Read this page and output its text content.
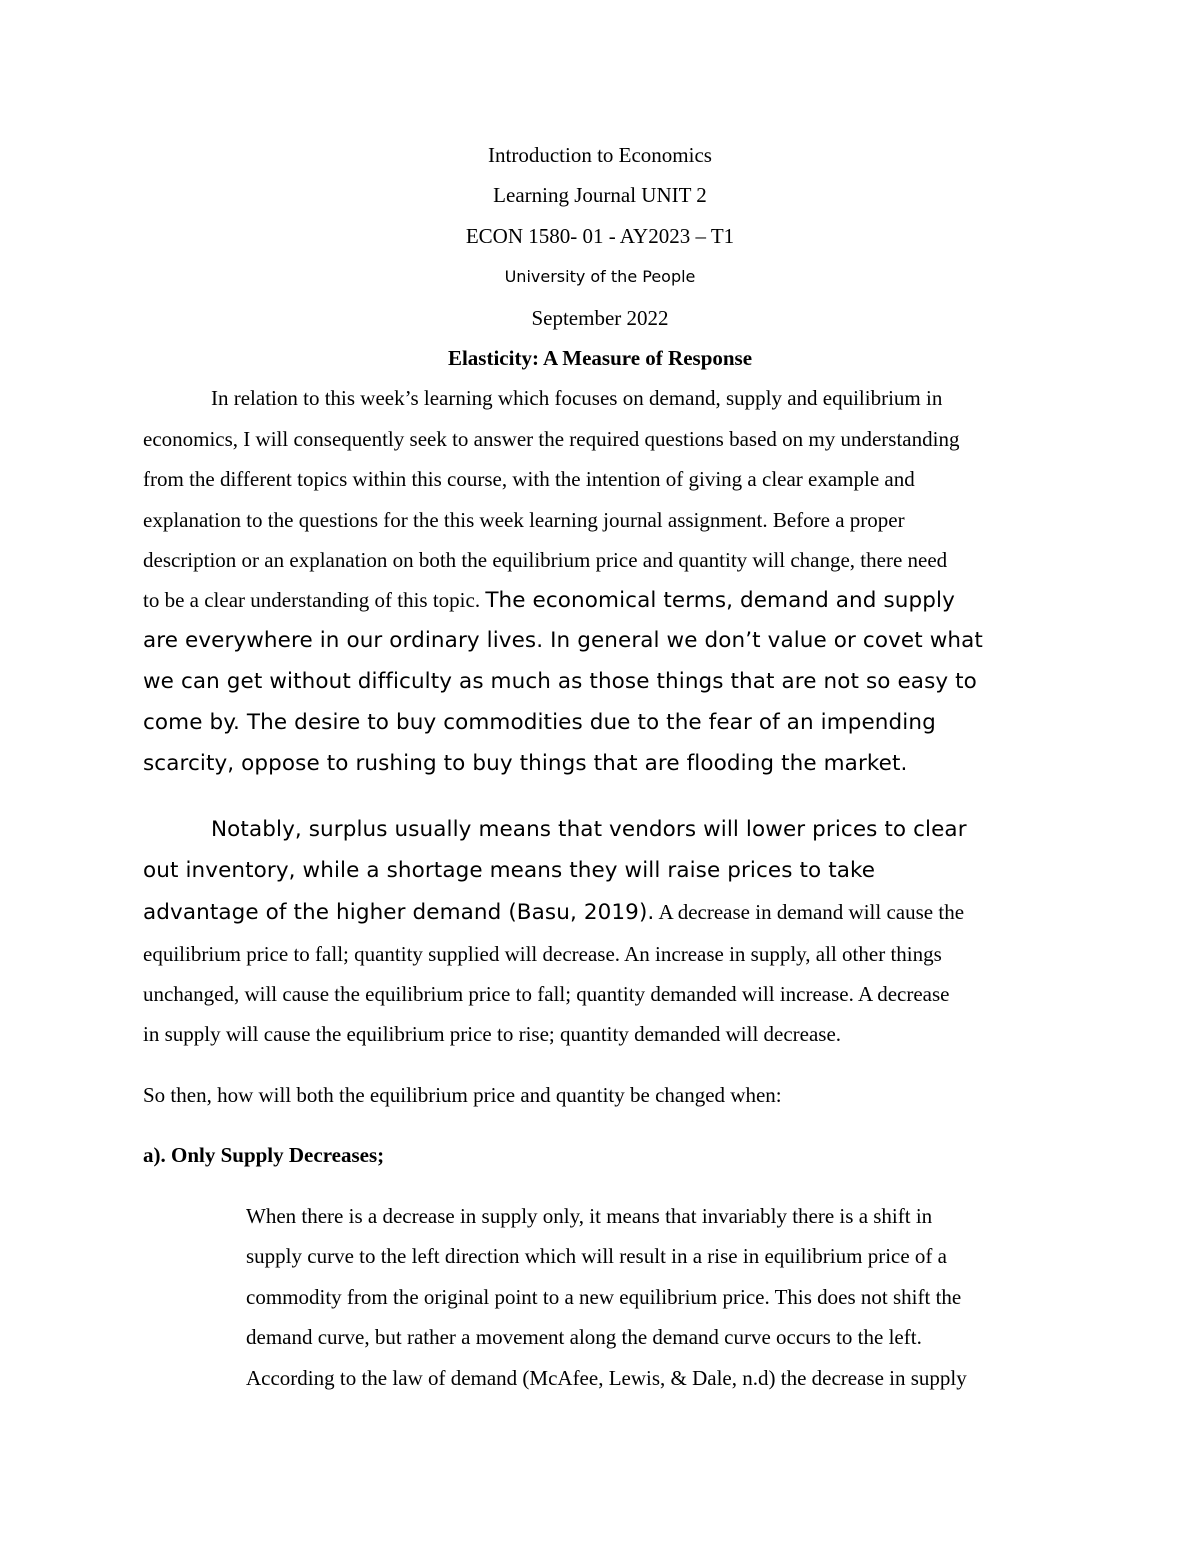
Introduction to Economics
Learning Journal UNIT 2
ECON 1580- 01 - AY2023 – T1
University of the People
September 2022
Elasticity: A Measure of Response
In relation to this week’s learning which focuses on demand, supply and equilibrium in
economics, I will consequently seek to answer the required questions based on my understanding
from the different topics within this course, with the intention of giving a clear example and
explanation to the questions for the this week learning journal assignment. Before a proper
description or an explanation on both the equilibrium price and quantity will change, there need
to be a clear understanding of this topic. The economical terms, demand and supply
are everywhere in our ordinary lives. In general we don’t value or covet what
we can get without difficulty as much as those things that are not so easy to
come by. The desire to buy commodities due to the fear of an impending
scarcity, oppose to rushing to buy things that are flooding the market.
Notably, surplus usually means that vendors will lower prices to clear
out inventory, while a shortage means they will raise prices to take
advantage of the higher demand (Basu, 2019). A decrease in demand will cause the
equilibrium price to fall; quantity supplied will decrease. An increase in supply, all other things
unchanged, will cause the equilibrium price to fall; quantity demanded will increase. A decrease
in supply will cause the equilibrium price to rise; quantity demanded will decrease.
So then, how will both the equilibrium price and quantity be changed when:
a). Only Supply Decreases;
When there is a decrease in supply only, it means that invariably there is a shift in
supply curve to the left direction which will result in a rise in equilibrium price of a
commodity from the original point to a new equilibrium price. This does not shift the
demand curve, but rather a movement along the demand curve occurs to the left.
According to the law of demand (McAfee, Lewis, & Dale, n.d) the decrease in supply
